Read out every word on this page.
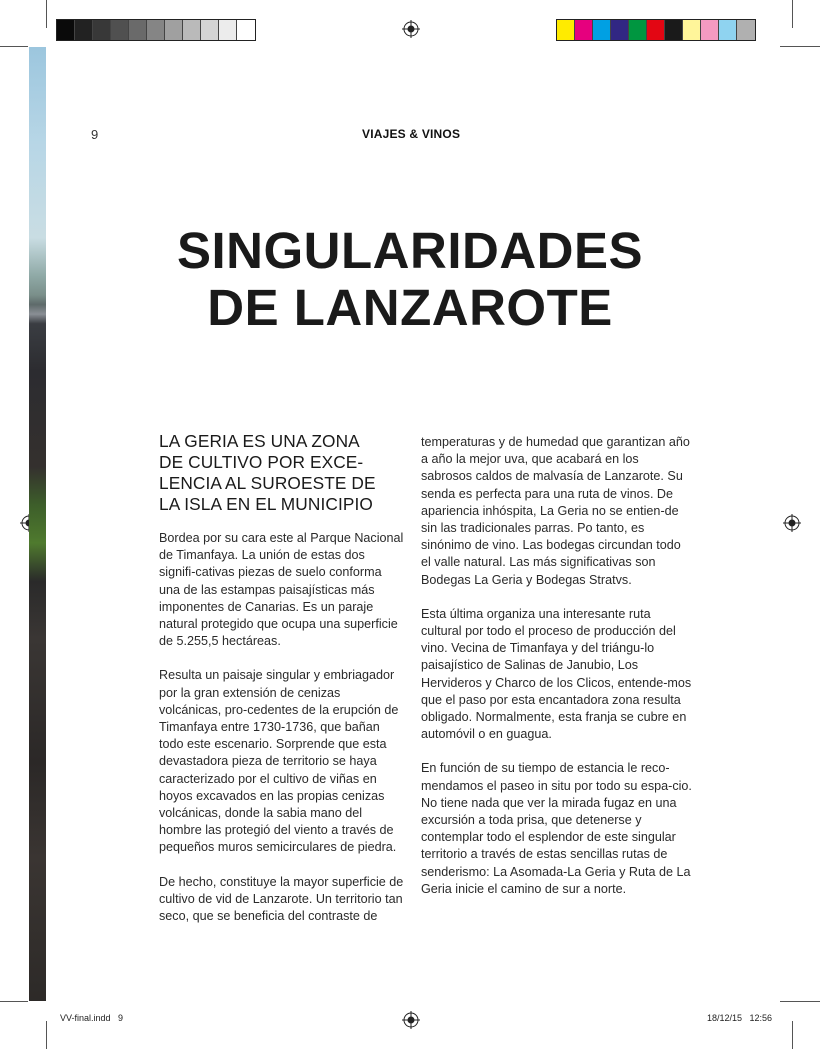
9	VIAJES & VINOS
SINGULARIDADES
DE LANZAROTE
LA GERIA ES UNA ZONA
DE CULTIVO POR EXCE-
LENCIA AL SUROESTE DE
LA ISLA EN EL MUNICIPIO

Bordea por su cara este al Parque Nacional de Timanfaya. La unión de estas dos signifi-cativas piezas de suelo conforma una de las estampas paisajísticas más imponentes de Canarias. Es un paraje natural protegido que ocupa una superficie de 5.255,5 hectáreas.

Resulta un paisaje singular y embriagador por la gran extensión de cenizas volcánicas, pro-cedentes de la erupción de Timanfaya entre 1730-1736, que bañan todo este escenario. Sorprende que esta devastadora pieza de territorio se haya caracterizado por el cultivo de viñas en hoyos excavados en las propias cenizas volcánicas, donde la sabia mano del hombre las protegió del viento a través de pequeños muros semicirculares de piedra.

De hecho, constituye la mayor superficie de cultivo de vid de Lanzarote. Un territorio tan seco, que se beneficia del contraste de

temperaturas y de humedad que garantizan año a año la mejor uva, que acabará en los sabrosos caldos de malvasía de Lanzarote. Su senda es perfecta para una ruta de vinos. De apariencia inhóspita, La Geria no se entien-de sin las tradicionales parras. Po tanto, es sinónimo de vino. Las bodegas circundan todo el valle natural. Las más significativas son Bodegas La Geria y Bodegas Stratvs.

Esta última organiza una interesante ruta cultural por todo el proceso de producción del vino. Vecina de Timanfaya y del triángu-lo paisajístico de Salinas de Janubio, Los Hervideros y Charco de los Clicos, entende-mos que el paso por esta encantadora zona resulta obligado. Normalmente, esta franja se cubre en automóvil o en guagua.

En función de su tiempo de estancia le reco-mendamos el paseo in situ por todo su espa-cio. No tiene nada que ver la mirada fugaz en una excursión a toda prisa, que detenerse y contemplar todo el esplendor de este singular territorio a través de estas sencillas rutas de senderismo: La Asomada-La Geria y Ruta de La Geria inicie el camino de sur a norte.

VV-final.indd   9	18/12/15   12:56
